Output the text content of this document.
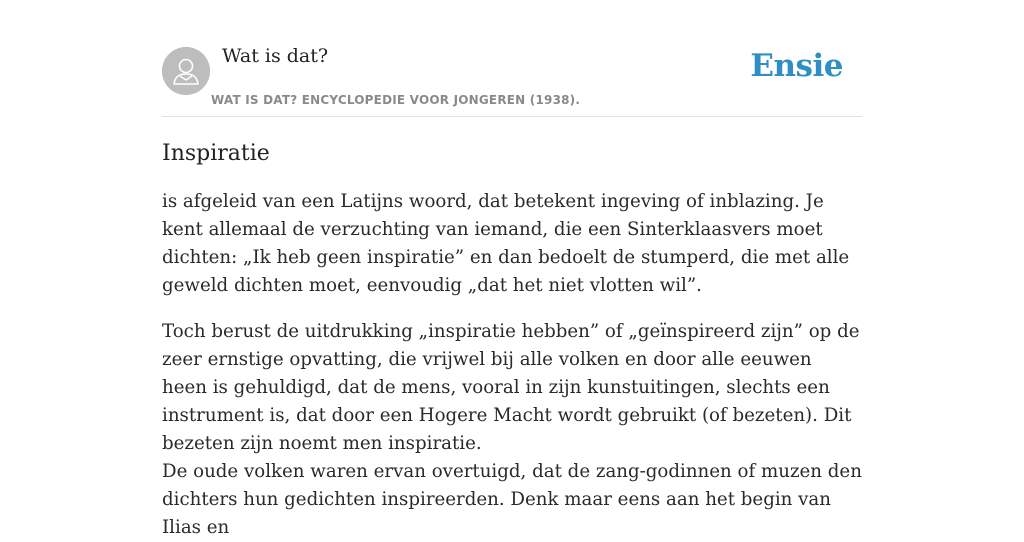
Wat is dat?
WAT IS DAT? ENCYCLOPEDIE VOOR JONGEREN (1938).
Ensie
Inspiratie

is afgeleid van een Latijns woord, dat betekent ingeving of inblazing. Je kent allemaal de verzuchting van iemand, die een Sinterklaasvers moet dichten: „Ik heb geen inspiratie” en dan bedoelt de stumperd, die met alle geweld dichten moet, eenvoudig „dat het niet vlotten wil”.

Toch berust de uitdrukking „inspiratie hebben” of „geïnspireerd zijn” op de zeer ernstige opvatting, die vrijwel bij alle volken en door alle eeuwen heen is gehuldigd, dat de mens, vooral in zijn kunstuitingen, slechts een instrument is, dat door een Hogere Macht wordt gebruikt (of bezeten). Dit bezeten zijn noemt men inspiratie.

De oude volken waren ervan overtuigd, dat de zang-godinnen of muzen den dichters hun gedichten inspireerden. Denk maar eens aan het begin van Ilias en
